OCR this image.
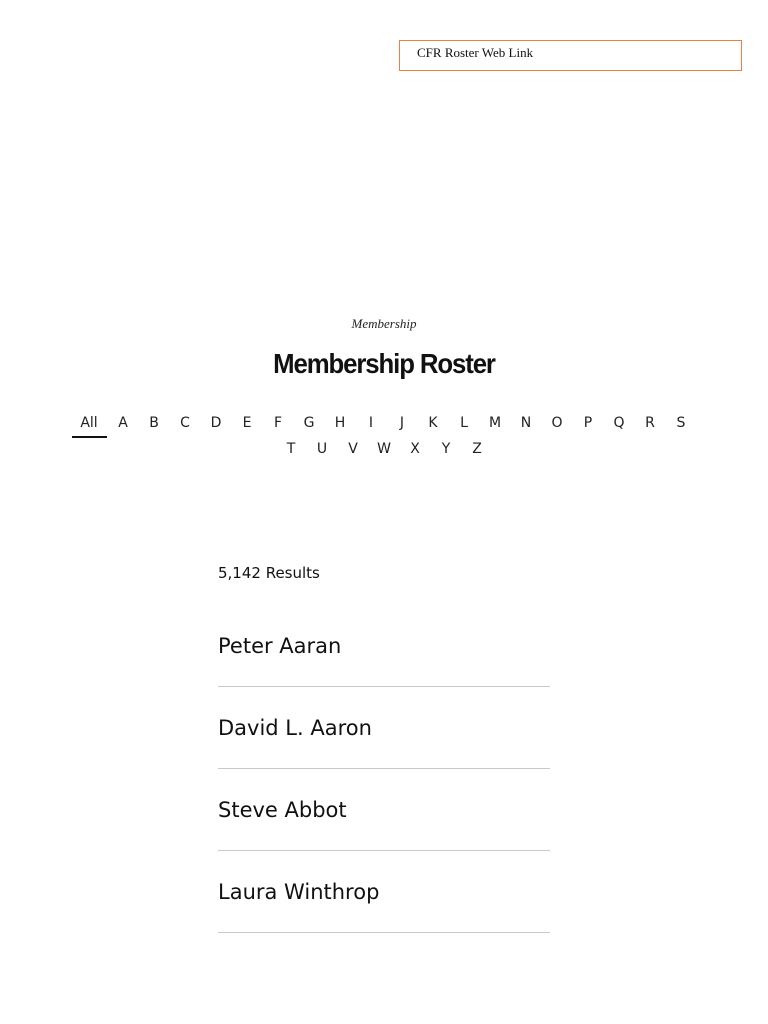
CFR Roster Web Link
Membership
Membership Roster
All	A	B	C	D	E	F	G	H	I	J	K	L	M	N	O	P	Q	R	S
T	U	V	W	X	Y	Z
5,142 Results
Peter Aaran
David L. Aaron
Steve Abbot
Laura Winthrop
